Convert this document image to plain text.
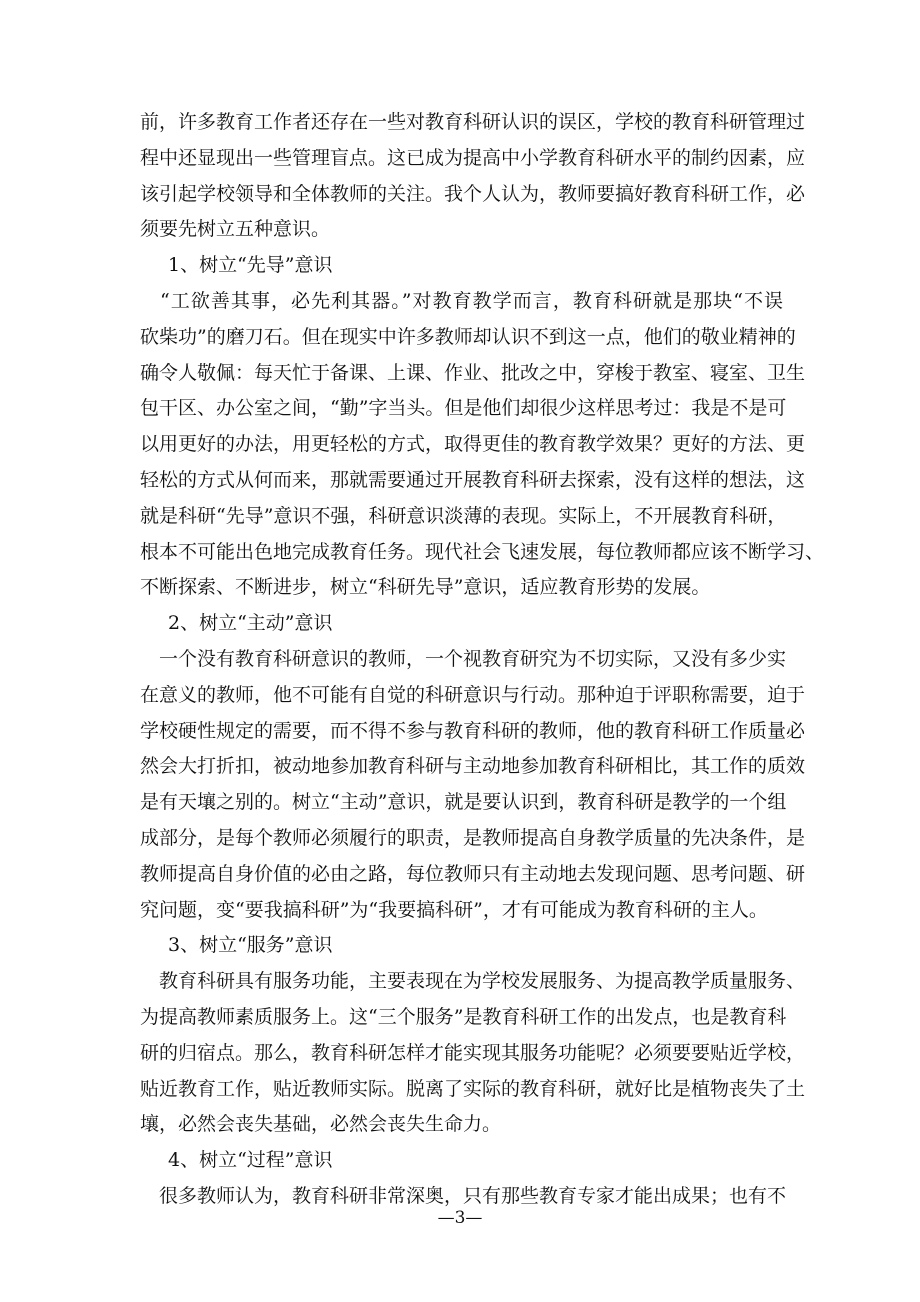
前，许多教育工作者还存在一些对教育科研认识的误区，学校的教育科研管理过
程中还显现出一些管理盲点。这已成为提高中小学教育科研水平的制约因素，应
该引起学校领导和全体教师的关注。我个人认为，教师要搞好教育科研工作，必
须要先树立五种意识。
1、树立“先导”意识
　“工欲善其事，必先利其器。”对教育教学而言，教育科研就是那块“不误
砍柴功”的磨刀石。但在现实中许多教师却认识不到这一点，他们的敬业精神的
确令人敬佩：每天忙于备课、上课、作业、批改之中，穿梭于教室、寝室、卫生
包干区、办公室之间，“勤”字当头。但是他们却很少这样思考过：我是不是可
以用更好的办法，用更轻松的方式，取得更佳的教育教学效果？更好的方法、更
轻松的方式从何而来，那就需要通过开展教育科研去探索，没有这样的想法，这
就是科研“先导”意识不强，科研意识淡薄的表现。实际上，不开展教育科研，
根本不可能出色地完成教育任务。现代社会飞速发展，每位教师都应该不断学习、
不断探索、不断进步，树立“科研先导”意识，适应教育形势的发展。
2、树立“主动”意识
　一个没有教育科研意识的教师，一个视教育研究为不切实际，又没有多少实
在意义的教师，他不可能有自觉的科研意识与行动。那种迫于评职称需要，迫于
学校硬性规定的需要，而不得不参与教育科研的教师，他的教育科研工作质量必
然会大打折扣，被动地参加教育科研与主动地参加教育科研相比，其工作的质效
是有天壤之别的。树立“主动”意识，就是要认识到，教育科研是教学的一个组
成部分，是每个教师必须履行的职责，是教师提高自身教学质量的先决条件，是
教师提高自身价值的必由之路，每位教师只有主动地去发现问题、思考问题、研
究问题，变“要我搞科研”为“我要搞科研”，才有可能成为教育科研的主人。
3、树立“服务”意识
　教育科研具有服务功能，主要表现在为学校发展服务、为提高教学质量服务、
为提高教师素质服务上。这“三个服务”是教育科研工作的出发点，也是教育科
研的归宿点。那么，教育科研怎样才能实现其服务功能呢？必须要要贴近学校，
贴近教育工作，贴近教师实际。脱离了实际的教育科研，就好比是植物丧失了土
壤，必然会丧失基础，必然会丧失生命力。
4、树立“过程”意识
　很多教师认为，教育科研非常深奥，只有那些教育专家才能出成果；也有不
—3—
